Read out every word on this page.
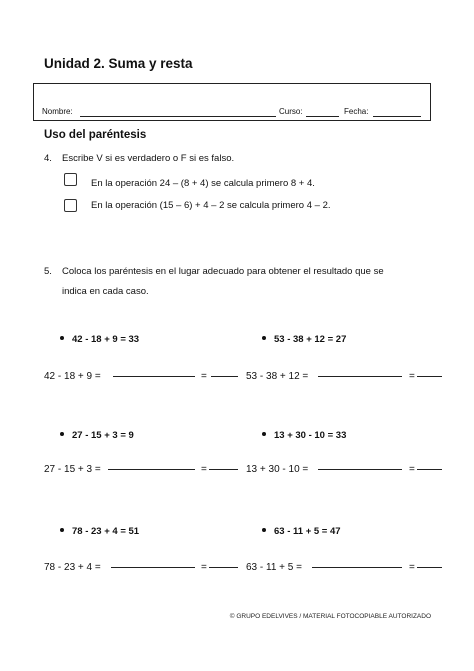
Unidad 2. Suma y resta
Nombre:	Curso:	Fecha:
Uso del paréntesis
4. Escribe V si es verdadero o F si es falso.
En la operación 24 – (8 + 4) se calcula primero 8 + 4.
En la operación (15 – 6) + 4 – 2 se calcula primero 4 – 2.
5. Coloca los paréntesis en el lugar adecuado para obtener el resultado que se
indica en cada caso.
42 - 18 + 9 = 33	53 - 38 + 12 = 27
42 - 18 + 9 =	=	53 - 38 + 12 =	=
27 - 15 + 3 = 9	13 + 30 - 10 = 33
27 - 15 + 3 =	=	13 + 30 - 10 =	=
78 - 23 + 4 = 51	63 - 11 + 5 = 47
78 - 23 + 4 =	=	63 - 11 + 5 =	=
© GRUPO EDELVIVES / MATERIAL FOTOCOPIABLE AUTORIZADO
